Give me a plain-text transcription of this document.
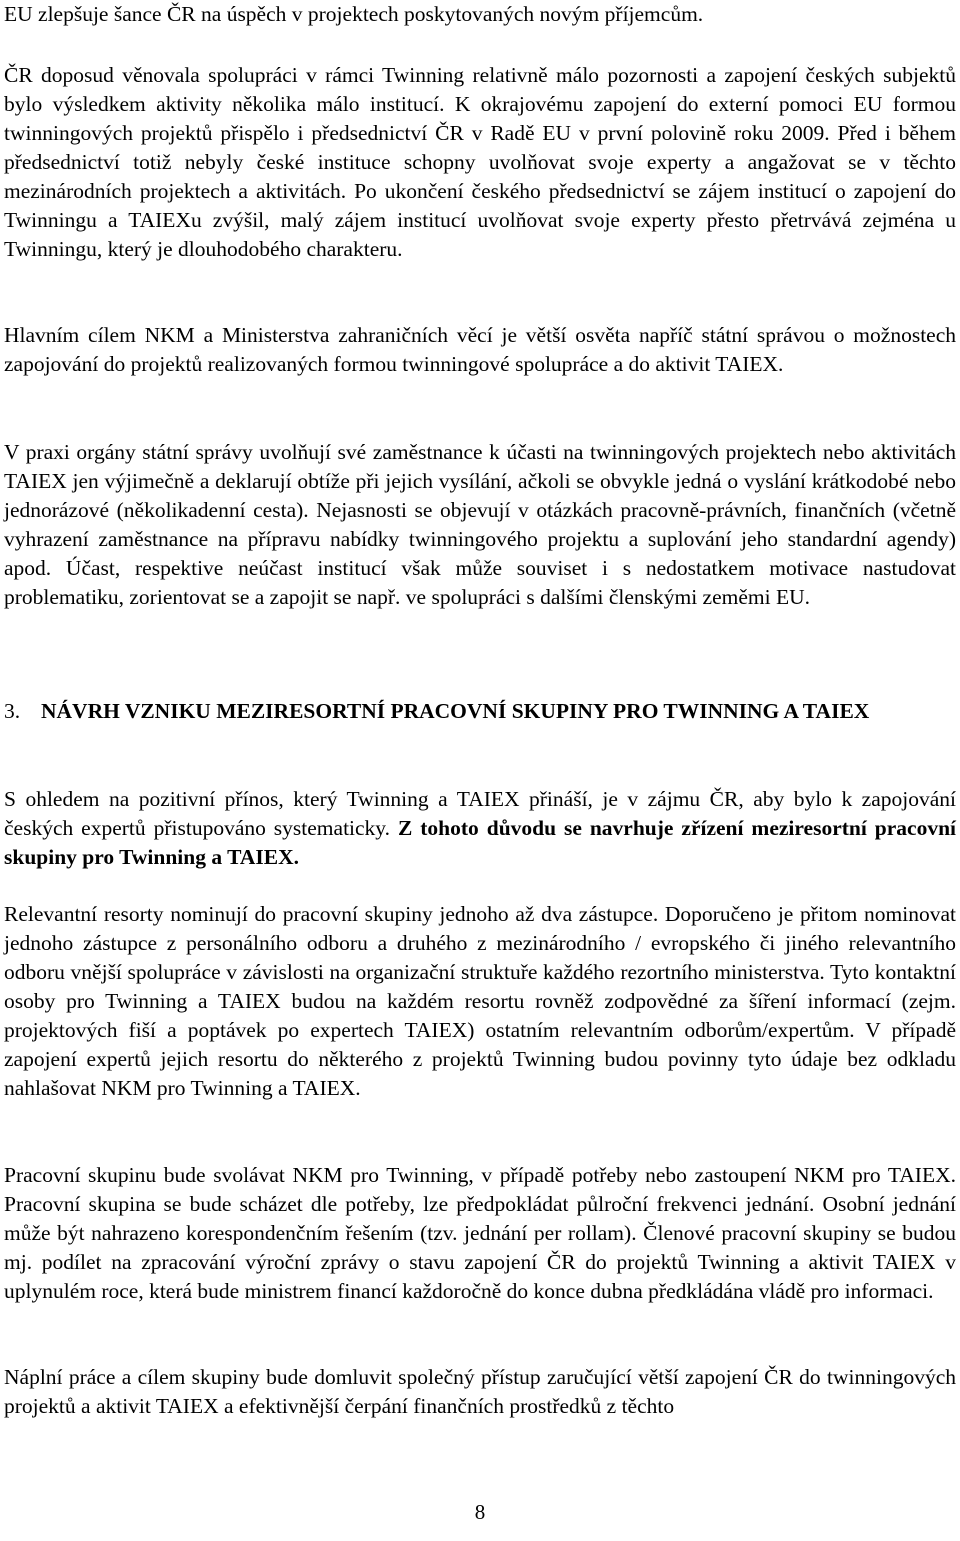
EU zlepšuje šance ČR na úspěch v projektech poskytovaných novým příjemcům.

ČR doposud věnovala spolupráci v rámci Twinning relativně málo pozornosti a zapojení českých subjektů bylo výsledkem aktivity několika málo institucí. K okrajovému zapojení do externí pomoci EU formou twinningových projektů přispělo i předsednictví ČR v Radě EU v první polovině roku 2009. Před i během předsednictví totiž nebyly české instituce schopny uvolňovat svoje experty a angažovat se v těchto mezinárodních projektech a aktivitách. Po ukončení českého předsednictví se zájem institucí o zapojení do Twinningu a TAIEXu zvýšil, malý zájem institucí uvolňovat svoje experty přesto přetrvává zejména u Twinningu, který je dlouhodobého charakteru.

Hlavním cílem NKM a Ministerstva zahraničních věcí je větší osvěta napříč státní správou o možnostech zapojování do projektů realizovaných formou twinningové spolupráce a do aktivit TAIEX.

V praxi orgány státní správy uvolňují své zaměstnance k účasti na twinningových projektech nebo aktivitách TAIEX jen výjimečně a deklarují obtíže při jejich vysílání, ačkoli se obvykle jedná o vyslání krátkodobé nebo jednorázové (několikadenní cesta). Nejasnosti se objevují v otázkách pracovně-právních, finančních (včetně vyhrazení zaměstnance na přípravu nabídky twinningového projektu a suplování jeho standardní agendy) apod. Účast, respektive neúčast institucí však může souviset i s nedostatkem motivace nastudovat problematiku, zorientovat se a zapojit se např. ve spolupráci s dalšími členskými zeměmi EU.

3. NÁVRH VZNIKU MEZIRESORTNÍ PRACOVNÍ SKUPINY PRO TWINNING A TAIEX

S ohledem na pozitivní přínos, který Twinning a TAIEX přináší, je v zájmu ČR, aby bylo k zapojování českých expertů přistupováno systematicky. Z tohoto důvodu se navrhuje zřízení meziresortní pracovní skupiny pro Twinning a TAIEX.

Relevantní resorty nominují do pracovní skupiny jednoho až dva zástupce. Doporučeno je přitom nominovat jednoho zástupce z personálního odboru a druhého z mezinárodního / evropského či jiného relevantního odboru vnější spolupráce v závislosti na organizační struktuře každého rezortního ministerstva. Tyto kontaktní osoby pro Twinning a TAIEX budou na každém resortu rovněž zodpovědné za šíření informací (zejm. projektových fiší a poptávek po expertech TAIEX) ostatním relevantním odborům/expertům. V případě zapojení expertů jejich resortu do některého z projektů Twinning budou povinny tyto údaje bez odkladu nahlašovat NKM pro Twinning a TAIEX.

Pracovní skupinu bude svolávat NKM pro Twinning, v případě potřeby nebo zastoupení NKM pro TAIEX. Pracovní skupina se bude scházet dle potřeby, lze předpokládat půlroční frekvenci jednání. Osobní jednání může být nahrazeno korespondenčním řešením (tzv. jednání per rollam). Členové pracovní skupiny se budou mj. podílet na zpracování výroční zprávy o stavu zapojení ČR do projektů Twinning a aktivit TAIEX v uplynulém roce, která bude ministrem financí každoročně do konce dubna předkládána vládě pro informaci.

Náplní práce a cílem skupiny bude domluvit společný přístup zaručující větší zapojení ČR do twinningových projektů a aktivit TAIEX a efektivnější čerpání finančních prostředků z těchto

8
